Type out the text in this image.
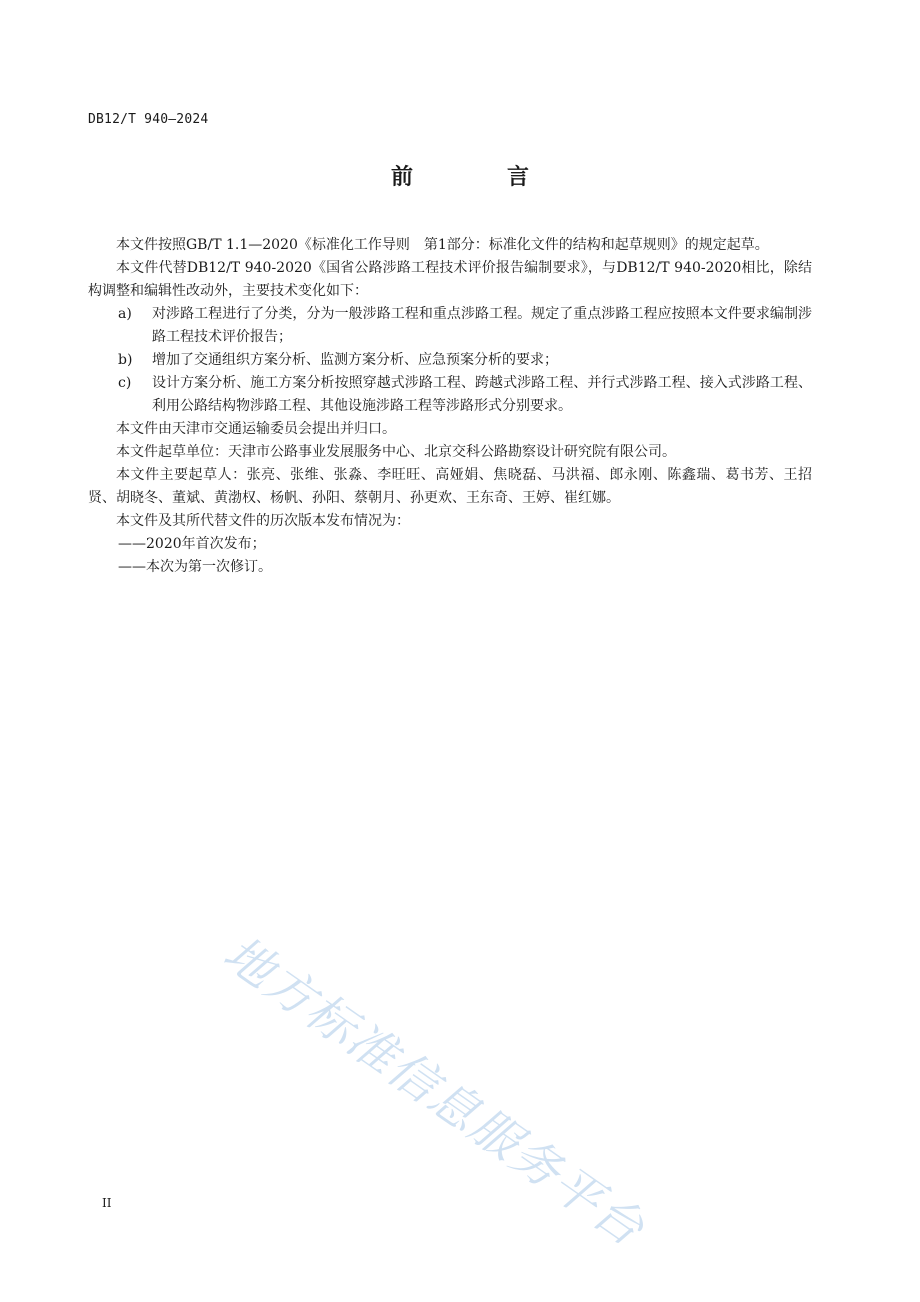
DB12/T 940—2024
前　言

本文件按照GB/T 1.1—2020《标准化工作导则　第1部分：标准化文件的结构和起草规则》的规定起草。

本文件代替DB12/T 940-2020《国省公路涉路工程技术评价报告编制要求》，与DB12/T 940-2020相比，除结构调整和编辑性改动外，主要技术变化如下：

a)	对涉路工程进行了分类，分为一般涉路工程和重点涉路工程。规定了重点涉路工程应按照本文件要求编制涉路工程技术评价报告；
b)	增加了交通组织方案分析、监测方案分析、应急预案分析的要求；
c)	设计方案分析、施工方案分析按照穿越式涉路工程、跨越式涉路工程、并行式涉路工程、接入式涉路工程、利用公路结构物涉路工程、其他设施涉路工程等涉路形式分别要求。

本文件由天津市交通运输委员会提出并归口。

本文件起草单位：天津市公路事业发展服务中心、北京交科公路勘察设计研究院有限公司。

本文件主要起草人：张亮、张维、张淼、李旺旺、高娅娟、焦晓磊、马洪福、郎永刚、陈鑫瑞、葛书芳、王招贤、胡晓冬、董斌、黄渤权、杨帆、孙阳、蔡朝月、孙更欢、王东奇、王婷、崔红娜。

本文件及其所代替文件的历次版本发布情况为：

——2020年首次发布；

——本次为第一次修订。

地方标准信息服务平台
II
